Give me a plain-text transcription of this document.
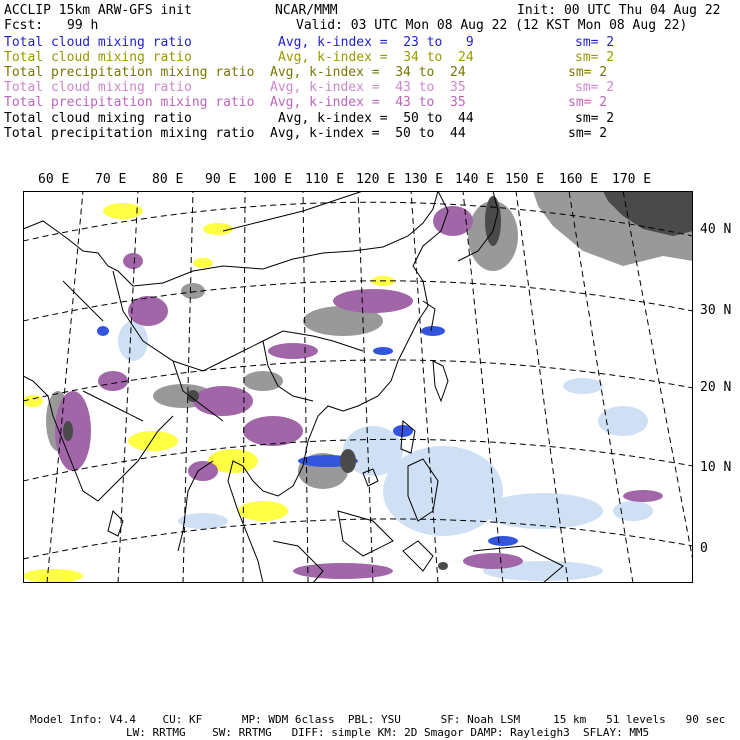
ACCLIP 15km ARW-GFS init	NCAR/MMM	Init: 00 UTC Thu 04 Aug 22
Fcst: 99 h	Valid: 03 UTC Mon 08 Aug 22 (12 KST Mon 08 Aug 22)
Total cloud mixing ratio	Avg, k-index =  23 to   9	sm= 2
Total cloud mixing ratio	Avg, k-index =  34 to  24	sm= 2
Total precipitation mixing ratio Avg, k-index =  34 to  24	sm= 2
Total cloud mixing ratio	Avg, k-index =  43 to  35	sm= 2
Total precipitation mixing ratio Avg, k-index =  43 to  35	sm= 2
Total cloud mixing ratio	Avg, k-index =  50 to  44	sm= 2
Total precipitation mixing ratio Avg, k-index =  50 to  44	sm= 2
60 E 70 E 80 E 90 E 100 E 110 E 120 E 130 E 140 E 150 E 160 E 170 E
40 N
30 N
20 N
10 N
0
Model Info: V4.4    CU: KF      MP: WDM 6class  PBL: YSU      SF: Noah LSM     15 km   51 levels   90 sec
LW: RRTMG    SW: RRTMG   DIFF: simple KM: 2D Smagor DAMP: Rayleigh3  SFLAY: MM5
